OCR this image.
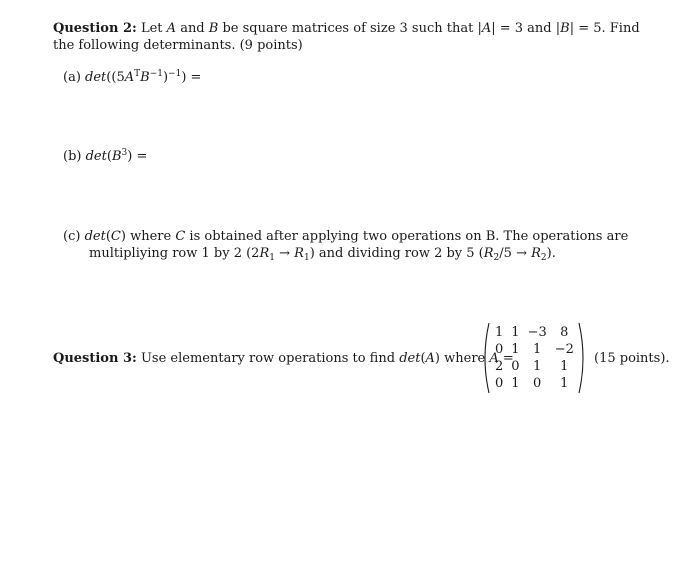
Question 2: Let A and B be square matrices of size 3 such that |A| = 3 and |B| = 5. Find
the following determinants. (9 points)
(a) $\det((5A^TB^{-1})^{-1})$ =
(b) $\det(B^3)$ =
(c) det(C) where C is obtained after applying two operations on B. The operations are
multipliying row 1 by 2 $(2R_1 \to R_1)$ and dividing row 2 by 5 $(R_2/5 \to R_2)$.
Question 3: Use elementary row operations to find det(A) where A =
1	1	−3	8
0	1	1	−2
2	0	1	1
0	1	0	1
(15 points).
